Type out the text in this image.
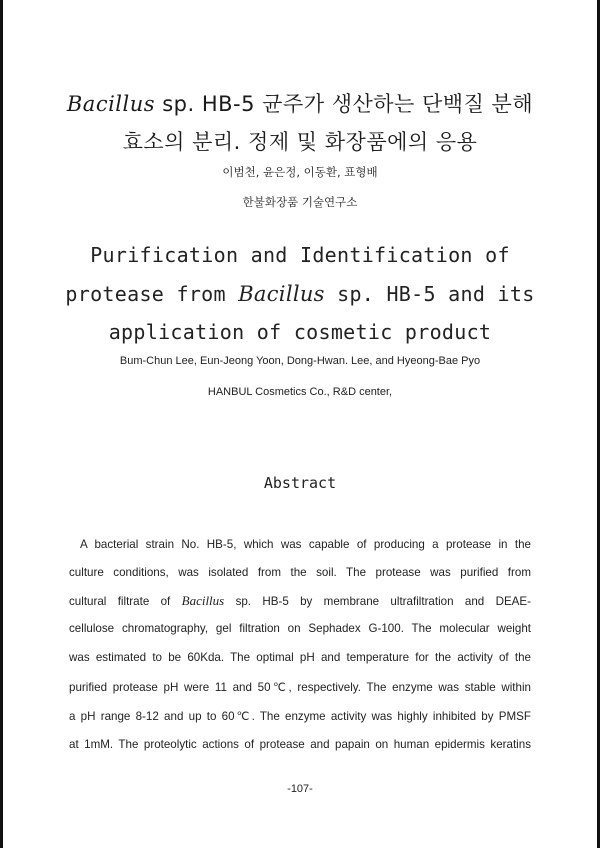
Bacillus sp. HB-5 균주가 생산하는 단백질 분해
효소의 분리. 정제 및 화장품에의 응용
이범천, 윤은정, 이동환, 표형배
한불화장품 기술연구소
Purification and Identification of
protease from Bacillus sp. HB-5 and its
application of cosmetic product
Bum-Chun Lee, Eun-Jeong Yoon, Dong-Hwan. Lee, and Hyeong-Bae Pyo
HANBUL Cosmetics Co., R&D center,
Abstract
A bacterial strain No. HB-5, which was capable of producing a protease in the
culture conditions, was isolated from the soil. The protease was purified from
cultural filtrate of Bacillus sp. HB-5 by membrane ultrafiltration and DEAE-
cellulose chromatography, gel filtration on Sephadex G-100. The molecular weight
was estimated to be 60Kda. The optimal pH and temperature for the activity of the
purified protease pH were 11 and 50℃, respectively. The enzyme was stable within
a pH range 8-12 and up to 60℃. The enzyme activity was highly inhibited by PMSF
at 1mM. The proteolytic actions of protease and papain on human epidermis keratins
-107-
